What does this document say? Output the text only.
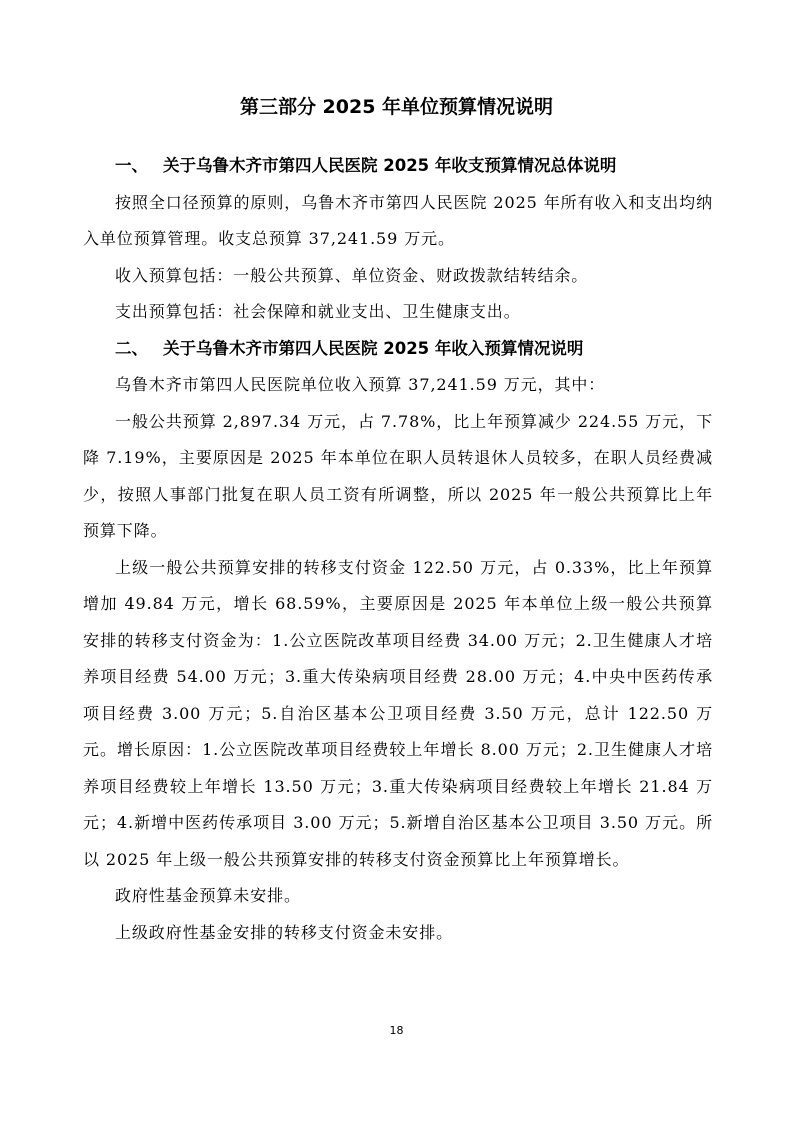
第三部分 2025 年单位预算情况说明

一、 关于乌鲁木齐市第四人民医院 2025 年收支预算情况总体说明

按照全口径预算的原则，乌鲁木齐市第四人民医院 2025 年所有收入和支出均纳入单位预算管理。收支总预算 37,241.59 万元。

收入预算包括：一般公共预算、单位资金、财政拨款结转结余。

支出预算包括：社会保障和就业支出、卫生健康支出。

二、 关于乌鲁木齐市第四人民医院 2025 年收入预算情况说明

乌鲁木齐市第四人民医院单位收入预算 37,241.59 万元，其中：

一般公共预算 2,897.34 万元，占 7.78%，比上年预算减少 224.55 万元，下降 7.19%，主要原因是 2025 年本单位在职人员转退休人员较多，在职人员经费减少，按照人事部门批复在职人员工资有所调整，所以 2025 年一般公共预算比上年预算下降。

上级一般公共预算安排的转移支付资金 122.50 万元，占 0.33%，比上年预算增加 49.84 万元，增长 68.59%，主要原因是 2025 年本单位上级一般公共预算安排的转移支付资金为：1.公立医院改革项目经费 34.00 万元；2.卫生健康人才培养项目经费 54.00 万元；3.重大传染病项目经费 28.00 万元；4.中央中医药传承项目经费 3.00 万元；5.自治区基本公卫项目经费 3.50 万元，总计 122.50 万元。增长原因：1.公立医院改革项目经费较上年增长 8.00 万元；2.卫生健康人才培养项目经费较上年增长 13.50 万元；3.重大传染病项目经费较上年增长 21.84 万元；4.新增中医药传承项目 3.00 万元；5.新增自治区基本公卫项目 3.50 万元。所以 2025 年上级一般公共预算安排的转移支付资金预算比上年预算增长。

政府性基金预算未安排。

上级政府性基金安排的转移支付资金未安排。

18
